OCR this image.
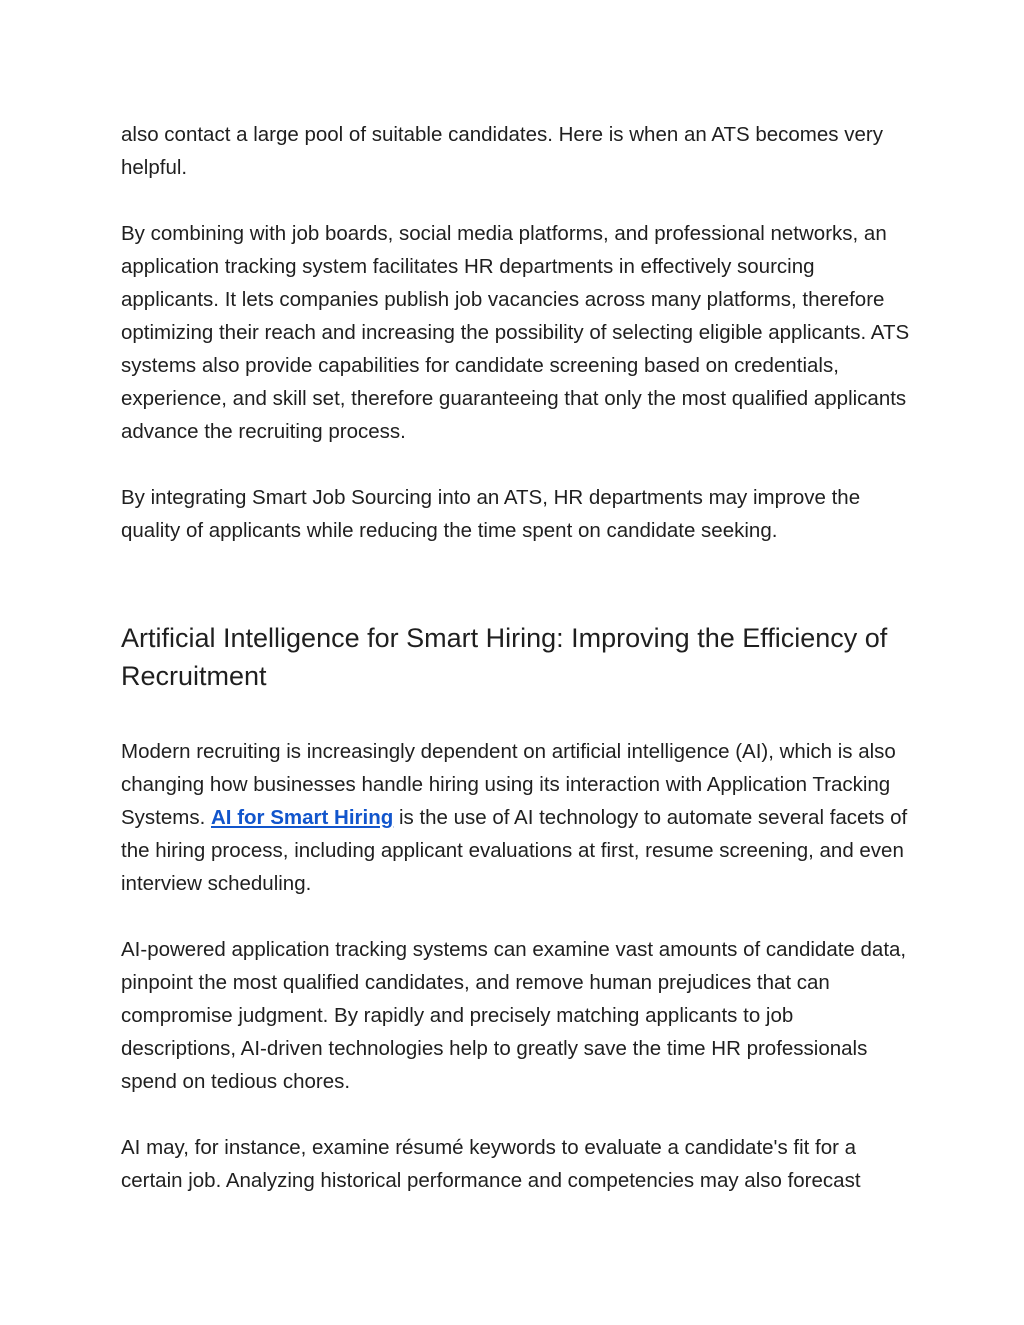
also contact a large pool of suitable candidates. Here is when an ATS becomes very helpful.

By combining with job boards, social media platforms, and professional networks, an application tracking system facilitates HR departments in effectively sourcing applicants. It lets companies publish job vacancies across many platforms, therefore optimizing their reach and increasing the possibility of selecting eligible applicants. ATS systems also provide capabilities for candidate screening based on credentials, experience, and skill set, therefore guaranteeing that only the most qualified applicants advance the recruiting process.

By integrating Smart Job Sourcing into an ATS, HR departments may improve the quality of applicants while reducing the time spent on candidate seeking.

Artificial Intelligence for Smart Hiring: Improving the Efficiency of Recruitment

Modern recruiting is increasingly dependent on artificial intelligence (AI), which is also changing how businesses handle hiring using its interaction with Application Tracking Systems. AI for Smart Hiring is the use of AI technology to automate several facets of the hiring process, including applicant evaluations at first, resume screening, and even interview scheduling.

AI-powered application tracking systems can examine vast amounts of candidate data, pinpoint the most qualified candidates, and remove human prejudices that can compromise judgment. By rapidly and precisely matching applicants to job descriptions, AI-driven technologies help to greatly save the time HR professionals spend on tedious chores.

AI may, for instance, examine résumé keywords to evaluate a candidate's fit for a certain job. Analyzing historical performance and competencies may also forecast
